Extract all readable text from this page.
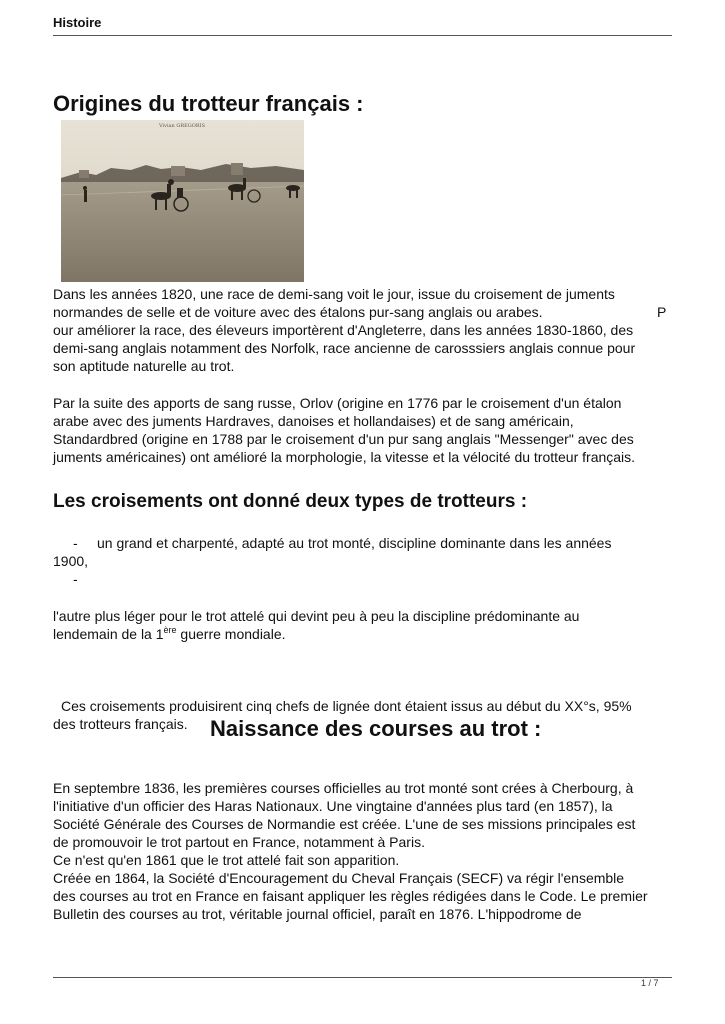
Histoire
Origines du trotteur français :
Vivian GREGORIS
Dans les années 1820, une race de demi-sang voit le jour, issue du croisement de juments
normandes de selle et de voiture avec des étalons pur-sang anglais ou arabes.	P
our améliorer la race, des éleveurs importèrent d'Angleterre, dans les années 1830-1860, des
demi-sang anglais notamment des Norfolk, race ancienne de carosssiers anglais connue pour
son aptitude naturelle au trot.
Par la suite des apports de sang russe, Orlov (origine en 1776 par le croisement d'un étalon
arabe avec des juments Hardraves, danoises et hollandaises) et de sang américain,
Standardbred (origine en 1788 par le croisement d'un pur sang anglais "Messenger" avec des
juments américaines) ont amélioré la morphologie, la vitesse et la vélocité du trotteur français.
Les croisements ont donné deux types de trotteurs :
- un grand et charpenté, adapté au trot monté, discipline dominante dans les années
1900,
-
l'autre plus léger pour le trot attelé qui devint peu à peu la discipline prédominante au
lendemain de la 1ère guerre mondiale.
Ces croisements produisirent cinq chefs de lignée dont étaient issus au début du XX°s, 95%
des trotteurs français. Naissance des courses au trot :
En septembre 1836, les premières courses officielles au trot monté sont crées à Cherbourg, à
l'initiative d'un officier des Haras Nationaux. Une vingtaine d'années plus tard (en 1857), la
Société Générale des Courses de Normandie est créée. L'une de ses missions principales est
de promouvoir le trot partout en France, notamment à Paris.
Ce n'est qu'en 1861 que le trot attelé fait son apparition.
Créée en 1864, la Société d'Encouragement du Cheval Français (SECF) va régir l'ensemble
des courses au trot en France en faisant appliquer les règles rédigées dans le Code. Le premier
Bulletin des courses au trot, véritable journal officiel, paraît en 1876. L'hippodrome de
1 / 7
